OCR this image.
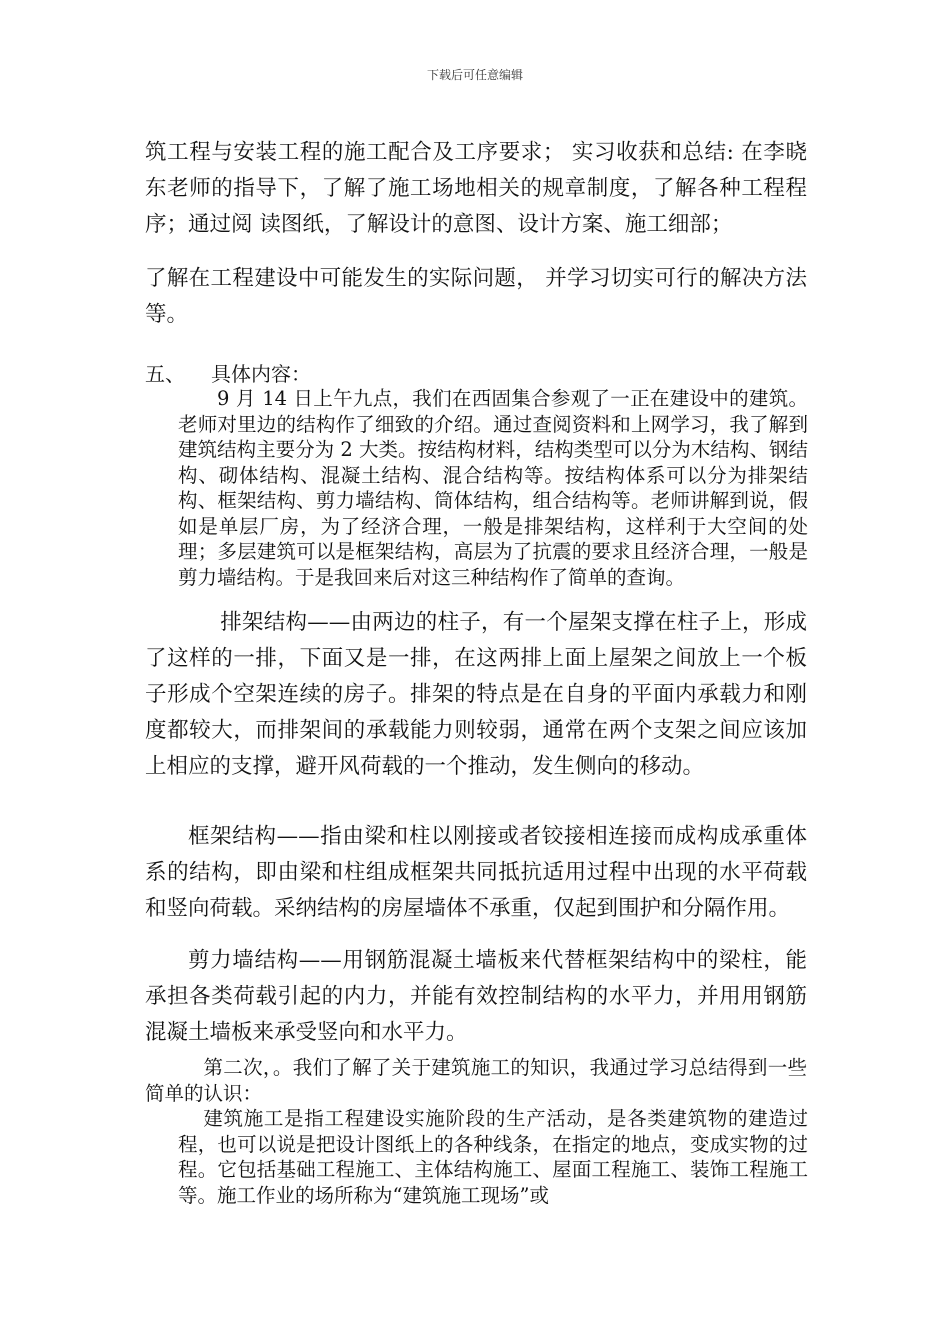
下载后可任意编辑

筑工程与安装工程的施工配合及工序要求； 实习收获和总结: 在李晓东老师的指导下，了解了施工场地相关的规章制度，了解各种工程程序；通过阅 读图纸，了解设计的意图、设计方案、施工细部；

了解在工程建设中可能发生的实际问题， 并学习切实可行的解决方法等。

五、 具体内容：

9 月 14 日上午九点，我们在西固集合参观了一正在建设中的建筑。老师对里边的结构作了细致的介绍。通过查阅资料和上网学习，我了解到建筑结构主要分为 2 大类。按结构材料，结构类型可以分为木结构、钢结构、砌体结构、混凝土结构、混合结构等。按结构体系可以分为排架结构、框架结构、剪力墙结构、筒体结构，组合结构等。老师讲解到说，假如是单层厂房，为了经济合理，一般是排架结构，这样利于大空间的处理；多层建筑可以是框架结构，高层为了抗震的要求且经济合理，一般是剪力墙结构。于是我回来后对这三种结构作了简单的查询。

排架结构——由两边的柱子，有一个屋架支撑在柱子上，形成了这样的一排，下面又是一排，在这两排上面上屋架之间放上一个板子形成个空架连续的房子。排架的特点是在自身的平面内承载力和刚度都较大，而排架间的承载能力则较弱，通常在两个支架之间应该加上相应的支撑，避开风荷载的一个推动，发生侧向的移动。

框架结构——指由梁和柱以刚接或者铰接相连接而成构成承重体系的结构，即由梁和柱组成框架共同抵抗适用过程中出现的水平荷载和竖向荷载。采纳结构的房屋墙体不承重，仅起到围护和分隔作用。

剪力墙结构——用钢筋混凝土墙板来代替框架结构中的梁柱，能承担各类荷载引起的内力，并能有效控制结构的水平力，并用用钢筋混凝土墙板来承受竖向和水平力。

第二次，。我们了解了关于建筑施工的知识，我通过学习总结得到一些简单的认识：

建筑施工是指工程建设实施阶段的生产活动，是各类建筑物的建造过程，也可以说是把设计图纸上的各种线条，在指定的地点，变成实物的过程。它包括基础工程施工、主体结构施工、屋面工程施工、装饰工程施工等。施工作业的场所称为“建筑施工现场”或
